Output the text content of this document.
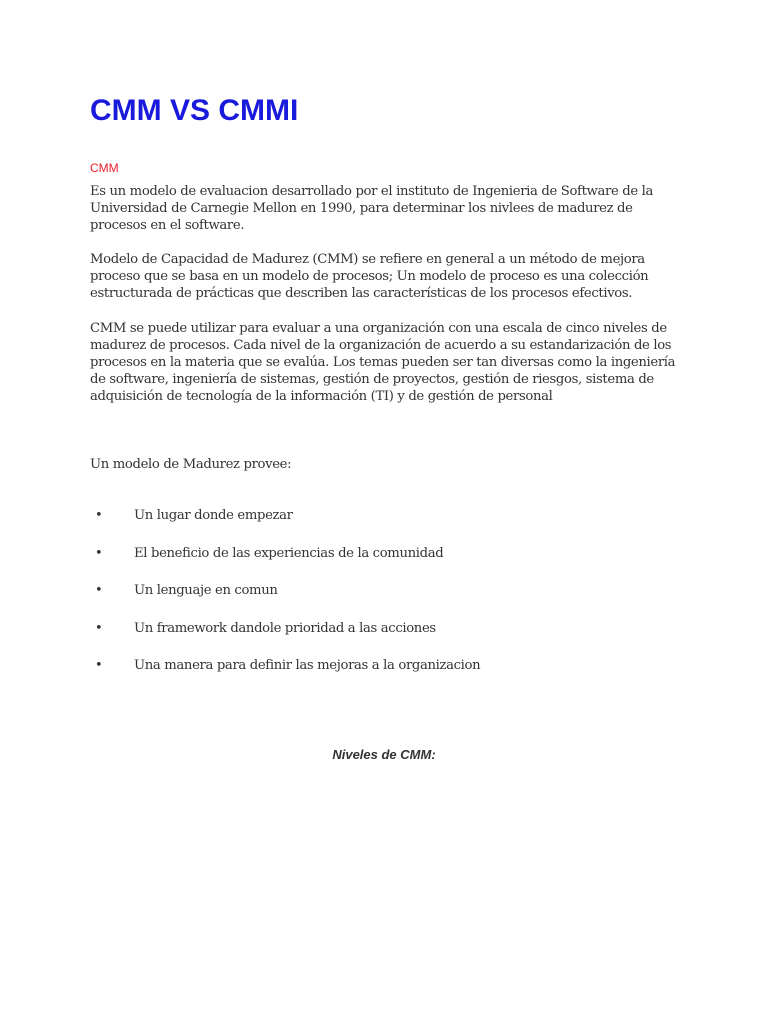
CMM VS CMMI

CMM

Es un modelo de evaluacion desarrollado por el instituto de Ingenieria de Software de la Universidad de Carnegie Mellon en 1990, para determinar los nivlees de madurez de procesos en el software.

Modelo de Capacidad de Madurez (CMM) se refiere en general a un método de mejora proceso que se basa en un modelo de procesos; Un modelo de proceso es una colección estructurada de prácticas que describen las características de los procesos efectivos.

CMM se puede utilizar para evaluar a una organización con una escala de cinco niveles de madurez de procesos. Cada nivel de la organización de acuerdo a su estandarización de los procesos en la materia que se evalúa. Los temas pueden ser tan diversas como la ingeniería de software, ingeniería de sistemas, gestión de proyectos, gestión de riesgos, sistema de adquisición de tecnología de la información (TI) y de gestión de personal

Un modelo de Madurez provee:

• Un lugar donde empezar
• El beneficio de las experiencias de la comunidad
• Un lenguaje en comun
• Un framework dandole prioridad a las acciones
• Una manera para definir las mejoras a la organizacion

Niveles de CMM:
